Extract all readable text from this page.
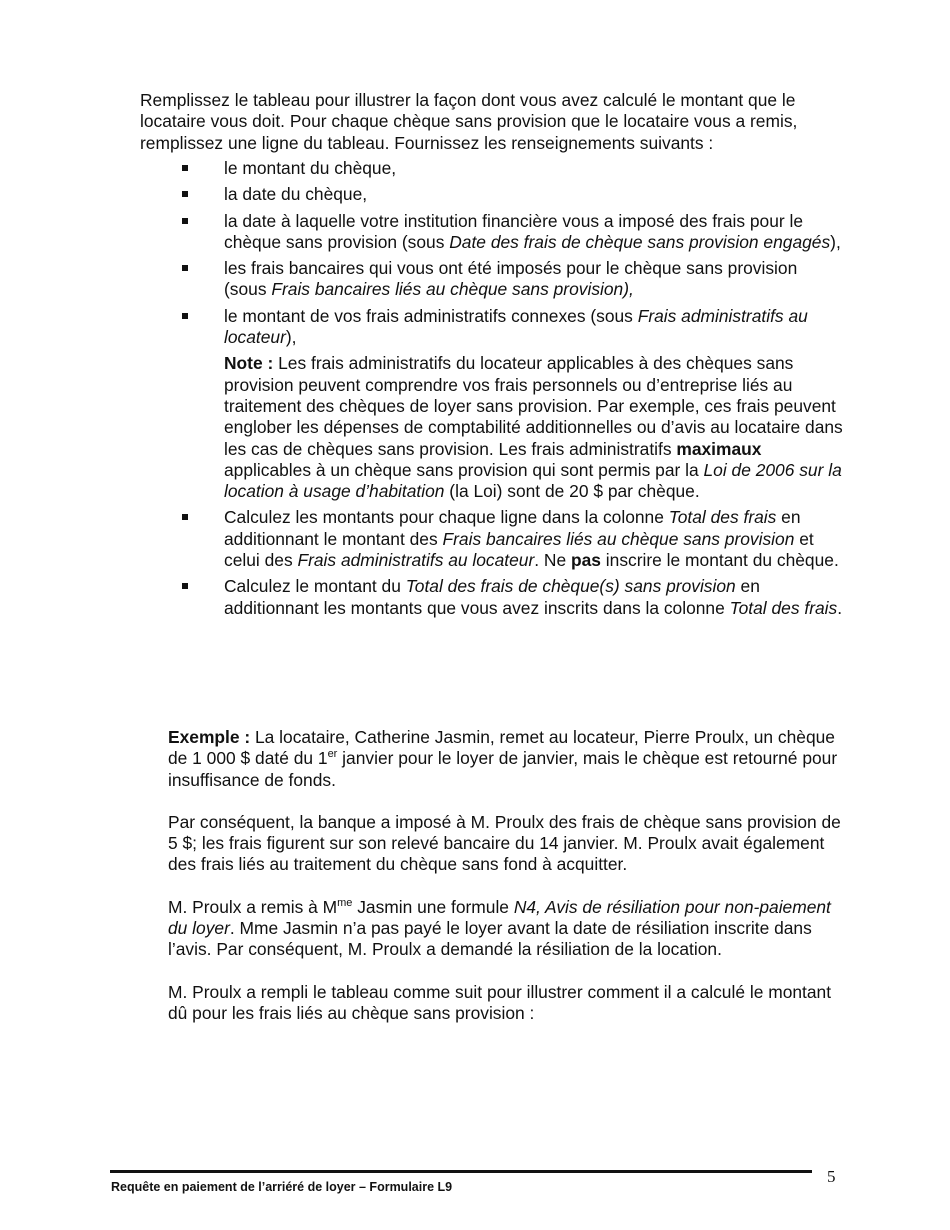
Remplissez le tableau pour illustrer la façon dont vous avez calculé le montant que le locataire vous doit. Pour chaque chèque sans provision que le locataire vous a remis, remplissez une ligne du tableau. Fournissez les renseignements suivants :

le montant du chèque,
la date du chèque,
la date à laquelle votre institution financière vous a imposé des frais pour le chèque sans provision (sous Date des frais de chèque sans provision engagés),
les frais bancaires qui vous ont été imposés pour le chèque sans provision (sous Frais bancaires liés au chèque sans provision),
le montant de vos frais administratifs connexes (sous Frais administratifs au locateur),

Note : Les frais administratifs du locateur applicables à des chèques sans provision peuvent comprendre vos frais personnels ou d’entreprise liés au traitement des chèques de loyer sans provision. Par exemple, ces frais peuvent englober les dépenses de comptabilité additionnelles ou d’avis au locataire dans les cas de chèques sans provision. Les frais administratifs maximaux applicables à un chèque sans provision qui sont permis par la Loi de 2006 sur la location à usage d’habitation (la Loi) sont de 20 $ par chèque.

Calculez les montants pour chaque ligne dans la colonne Total des frais en additionnant le montant des Frais bancaires liés au chèque sans provision et celui des Frais administratifs au locateur. Ne pas inscrire le montant du chèque.
Calculez le montant du Total des frais de chèque(s) sans provision en additionnant les montants que vous avez inscrits dans la colonne Total des frais.

Exemple : La locataire, Catherine Jasmin, remet au locateur, Pierre Proulx, un chèque de 1 000 $ daté du 1er janvier pour le loyer de janvier, mais le chèque est retourné pour insuffisance de fonds.

Par conséquent, la banque a imposé à M. Proulx des frais de chèque sans provision de 5 $; les frais figurent sur son relevé bancaire du 14 janvier. M. Proulx avait également des frais liés au traitement du chèque sans fond à acquitter.

M. Proulx a remis à $M^{me}$ Jasmin une formule N4, Avis de résiliation pour non-paiement du loyer. Mme Jasmin n’a pas payé le loyer avant la date de résiliation inscrite dans l’avis. Par conséquent, M. Proulx a demandé la résiliation de la location.

M. Proulx a rempli le tableau comme suit pour illustrer comment il a calculé le montant dû pour les frais liés au chèque sans provision :

5
Requête en paiement de l’arriéré de loyer – Formulaire L9
